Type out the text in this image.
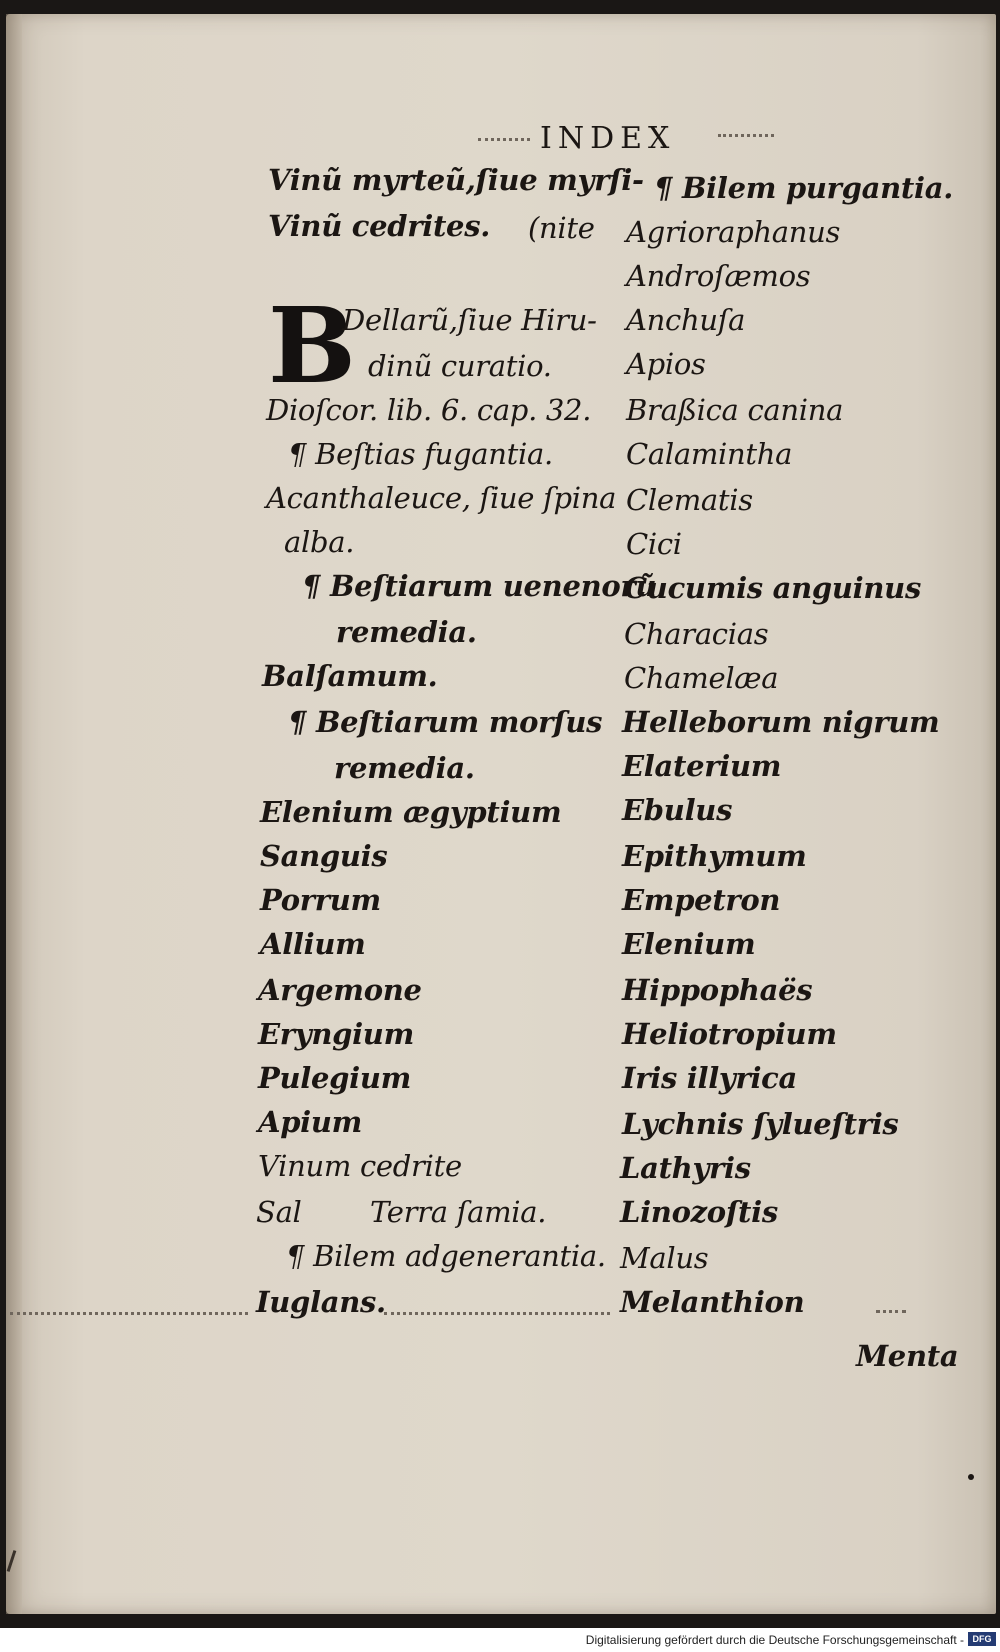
INDEX
Vinũ myrteũ,ſiue myrſi-
Vinũ cedrites. (nite
B
Dellarũ,ſiue Hiru-
dinũ curatio.
Dioſcor. lib. 6. cap. 32.
¶ Beſtias fugantia.
Acanthaleuce, ſiue ſpina
alba.
¶ Beſtiarum uenenorũ
remedia.
Balſamum.
¶ Beſtiarum morſus
remedia.
Elenium ægyptium
Sanguis
Porrum
Allium
Argemone
Eryngium
Pulegium
Apium
Vinum cedrite
Sal Terra ſamia.
¶ Bilem adgenerantia.
Iuglans.
¶ Bilem purgantia.
Agrioraphanus
Androſæmos
Anchuſa
Apios
Braßica canina
Calamintha
Clematis
Cici
Cucumis anguinus
Characias
Chamelæa
Helleborum nigrum
Elaterium
Ebulus
Epithymum
Empetron
Elenium
Hippophaës
Heliotropium
Iris illyrica
Lychnis ſylueſtris
Lathyris
Linozoſtis
Malus
Melanthion
Menta
Digitalisierung gefördert durch die Deutsche Forschungsgemeinschaft - DFG
